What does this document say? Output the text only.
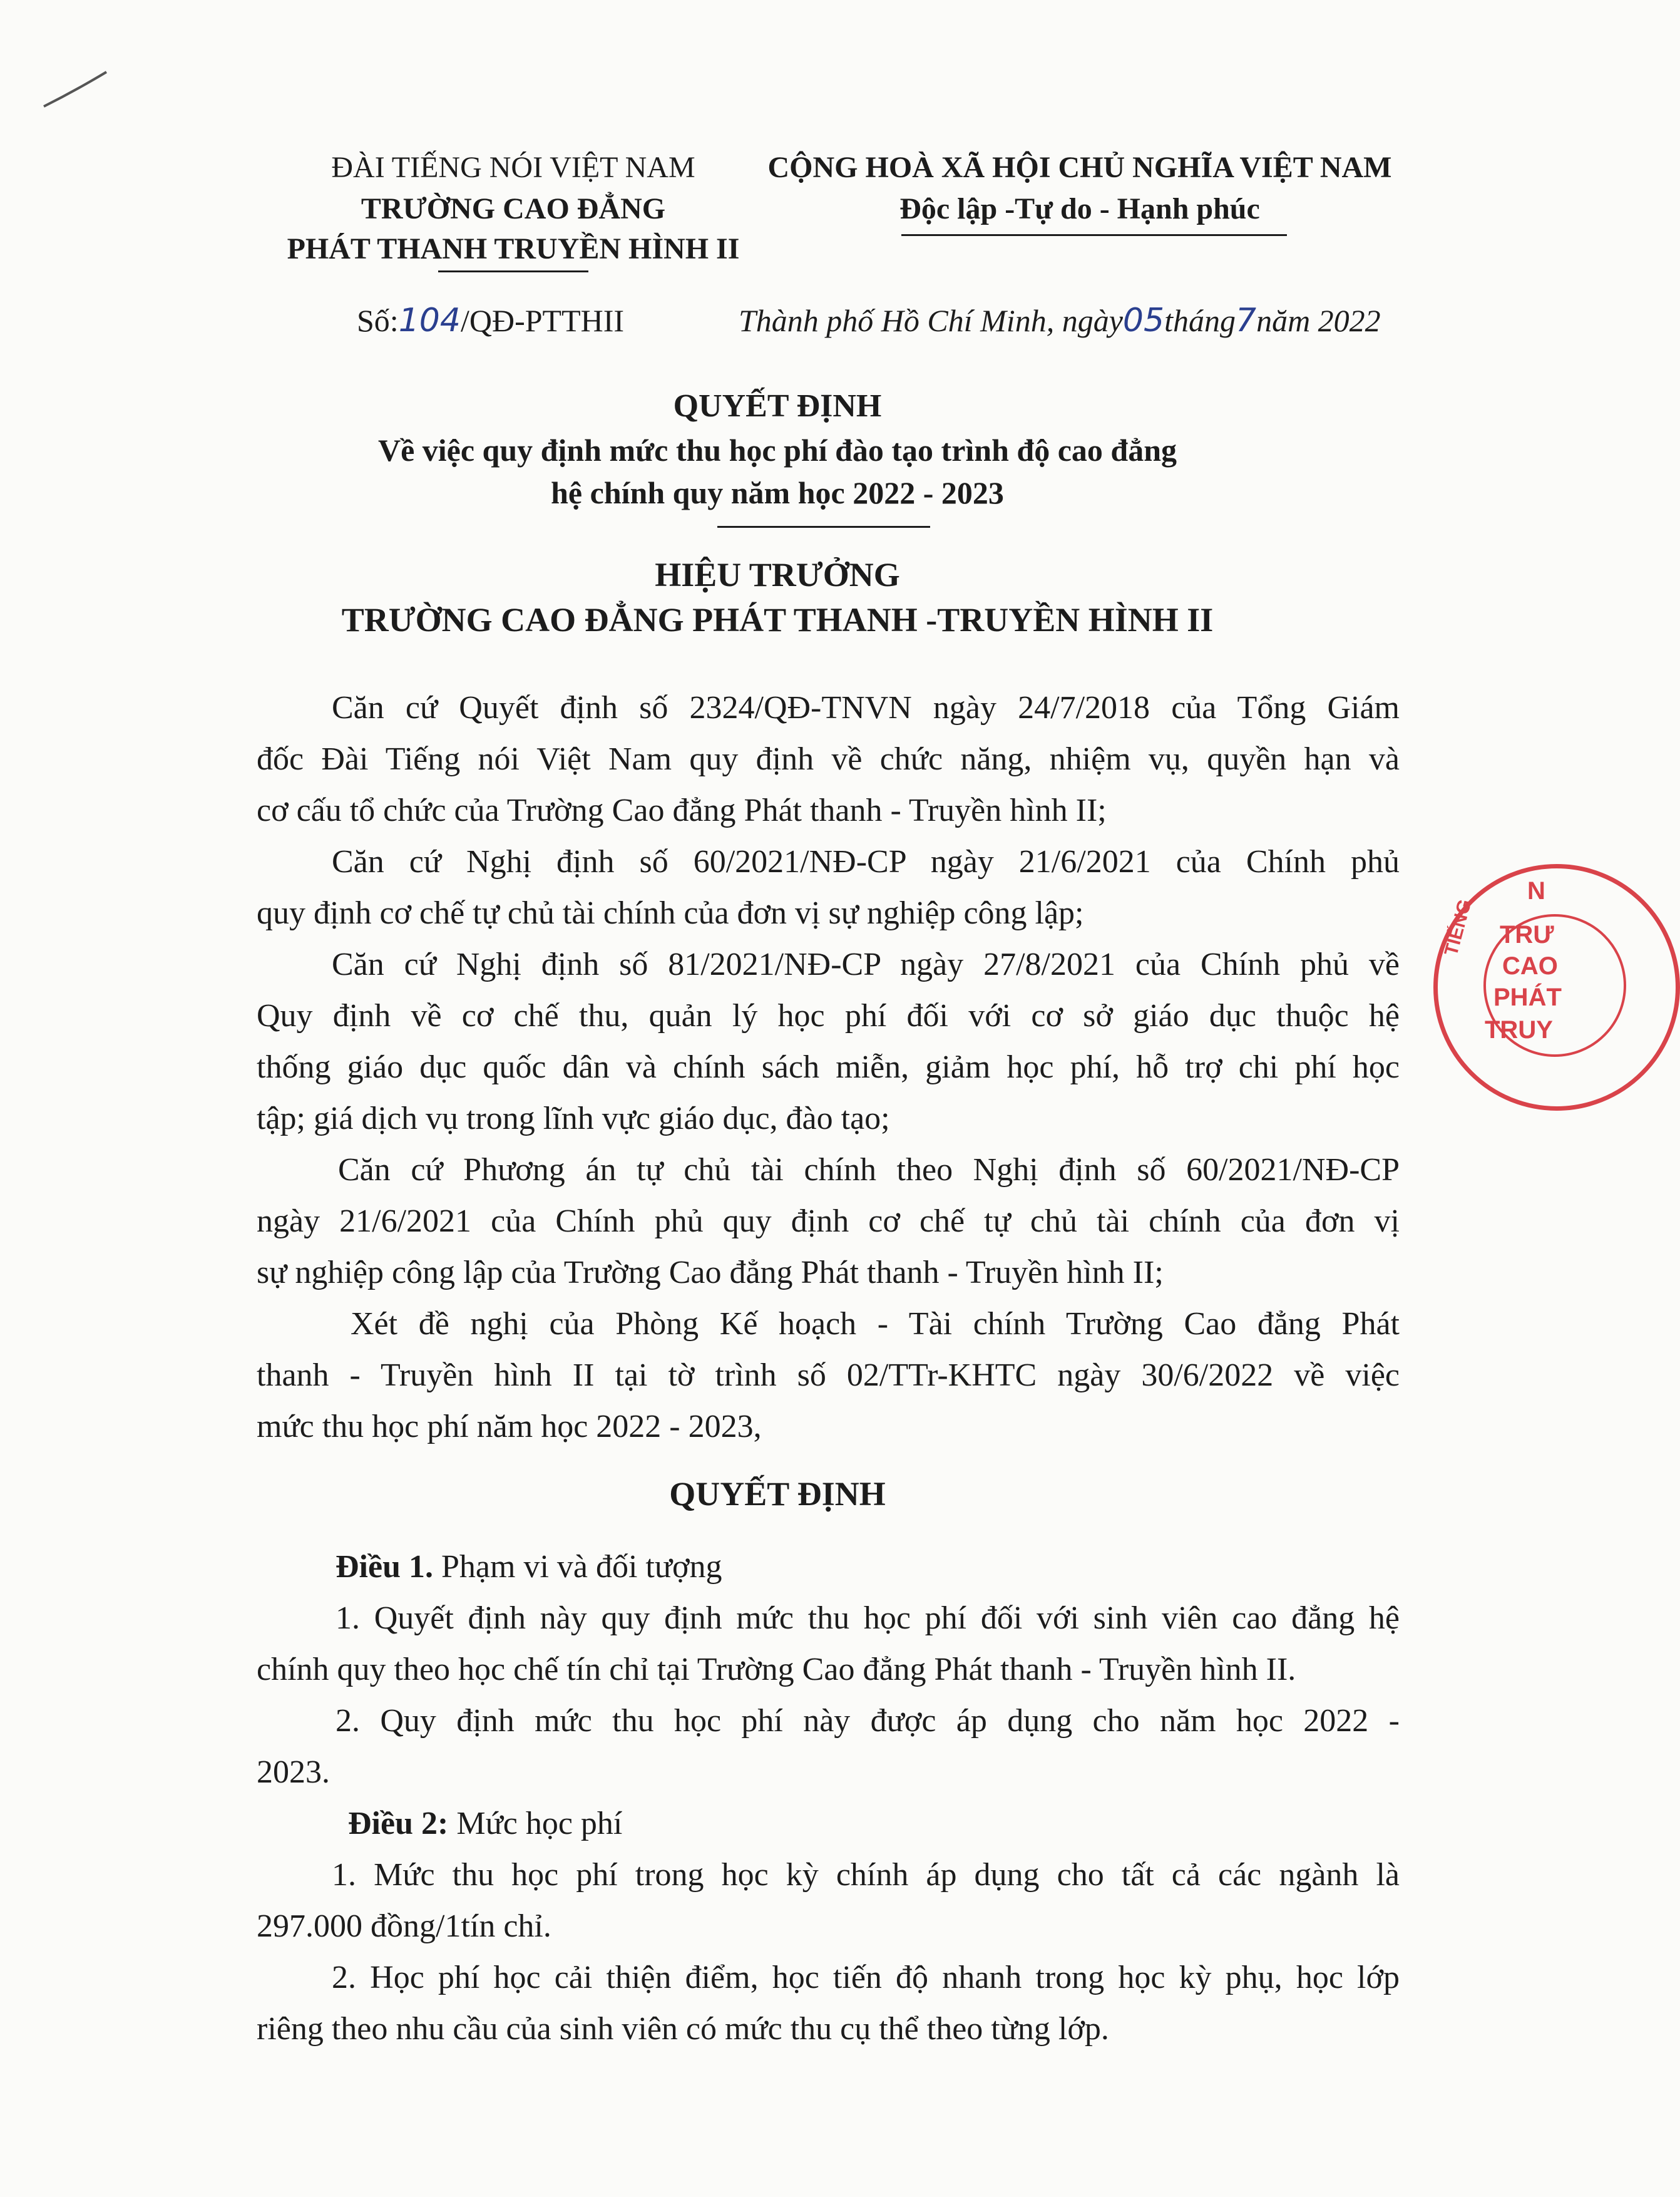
ĐÀI TIẾNG NÓI VIỆT NAM
TRƯỜNG CAO ĐẲNG
PHÁT THANH TRUYỀN HÌNH II
CỘNG HOÀ XÃ HỘI CHỦ NGHĨA VIỆT NAM
Độc lập -Tự do - Hạnh phúc
Số:104/QĐ-PTTHII	Thành phố Hồ Chí Minh, ngày05tháng7năm 2022
QUYẾT ĐỊNH
Về việc quy định mức thu học phí đào tạo trình độ cao đẳng
hệ chính quy năm học 2022 - 2023
HIỆU TRƯỞNG
TRƯỜNG CAO ĐẲNG PHÁT THANH -TRUYỀN HÌNH II
Căn cứ Quyết định số 2324/QĐ-TNVN ngày 24/7/2018 của Tổng Giám
đốc Đài Tiếng nói Việt Nam quy định về chức năng, nhiệm vụ, quyền hạn và
cơ cấu tổ chức của Trường Cao đẳng Phát thanh - Truyền hình II;
Căn cứ Nghị định số 60/2021/NĐ-CP ngày 21/6/2021 của Chính phủ
quy định cơ chế tự chủ tài chính của đơn vị sự nghiệp công lập;
Căn cứ Nghị định số 81/2021/NĐ-CP ngày 27/8/2021 của Chính phủ về
Quy định về cơ chế thu, quản lý học phí đối với cơ sở giáo dục thuộc hệ
thống giáo dục quốc dân và chính sách miễn, giảm học phí, hỗ trợ chi phí học
tập; giá dịch vụ trong lĩnh vực giáo dục, đào tạo;
Căn cứ Phương án tự chủ tài chính theo Nghị định số 60/2021/NĐ-CP
ngày 21/6/2021 của Chính phủ quy định cơ chế tự chủ tài chính của đơn vị
sự nghiệp công lập của Trường Cao đẳng Phát thanh - Truyền hình II;
Xét đề nghị của Phòng Kế hoạch - Tài chính Trường Cao đẳng Phát
thanh - Truyền hình II tại tờ trình số 02/TTr-KHTC ngày 30/6/2022 về việc
mức thu học phí năm học 2022 - 2023,
QUYẾT ĐỊNH
Điều 1. Phạm vi và đối tượng
1. Quyết định này quy định mức thu học phí đối với sinh viên cao đẳng hệ
chính quy theo học chế tín chỉ tại Trường Cao đẳng Phát thanh - Truyền hình II.
2. Quy định mức thu học phí này được áp dụng cho năm học 2022 -
2023.
Điều 2: Mức học phí
1. Mức thu học phí trong học kỳ chính áp dụng cho tất cả các ngành là
297.000 đồng/1tín chỉ.
2. Học phí học cải thiện điểm, học tiến độ nhanh trong học kỳ phụ, học lớp
riêng theo nhu cầu của sinh viên có mức thu cụ thể theo từng lớp.
N
TRƯ
CAO
PHÁT
TRUY
TIẾNG
